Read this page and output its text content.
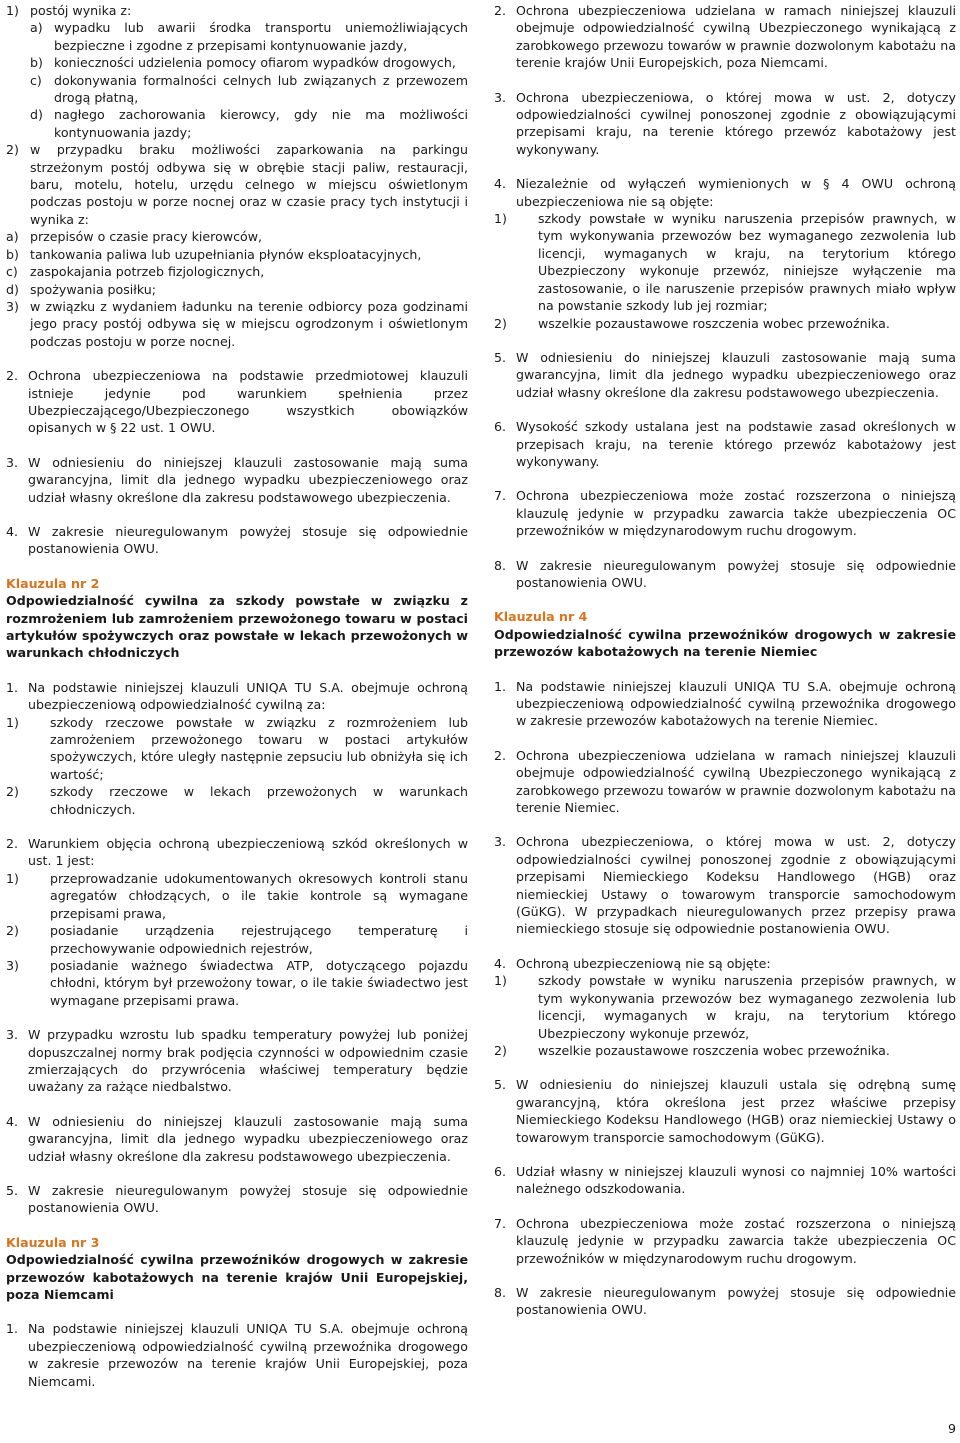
1) postój wynika z:
a) wypadku lub awarii środka transportu uniemożliwiających bezpieczne i zgodne z przepisami kontynuowanie jazdy,
b) konieczności udzielenia pomocy ofiarom wypadków drogowych,
c) dokonywania formalności celnych lub związanych z przewozem drogą płatną,
d) nagłego zachorowania kierowcy, gdy nie ma możliwości kontynuowania jazdy;
2) w przypadku braku możliwości zaparkowania na parkingu strzeżonym postój odbywa się w obrębie stacji paliw, restauracji, baru, motelu, hotelu, urzędu celnego w miejscu oświetlonym podczas postoju w porze nocnej oraz w czasie pracy tych instytucji i wynika z:
a) przepisów o czasie pracy kierowców,
b) tankowania paliwa lub uzupełniania płynów eksploatacyjnych,
c) zaspokajania potrzeb fizjologicznych,
d) spożywania posiłku;
3) w związku z wydaniem ładunku na terenie odbiorcy poza godzinami jego pracy postój odbywa się w miejscu ogrodzonym i oświetlonym podczas postoju w porze nocnej.
2. Ochrona ubezpieczeniowa na podstawie przedmiotowej klauzuli istnieje jedynie pod warunkiem spełnienia przez Ubezpieczającego/Ubezpieczonego wszystkich obowiązków opisanych w § 22 ust. 1 OWU.
3. W odniesieniu do niniejszej klauzuli zastosowanie mają suma gwarancyjna, limit dla jednego wypadku ubezpieczeniowego oraz udział własny określone dla zakresu podstawowego ubezpieczenia.
4. W zakresie nieuregulowanym powyżej stosuje się odpowiednie postanowienia OWU.
Klauzula nr 2
Odpowiedzialność cywilna za szkody powstałe w związku z rozmrożeniem lub zamrożeniem przewożonego towaru w postaci artykułów spożywczych oraz powstałe w lekach przewożonych w warunkach chłodniczych
1. Na podstawie niniejszej klauzuli UNIQA TU S.A. obejmuje ochroną ubezpieczeniową odpowiedzialność cywilną za:
1)	szkody rzeczowe powstałe w związku z rozmrożeniem lub zamrożeniem przewożonego towaru w postaci artykułów spożywczych, które uległy następnie zepsuciu lub obniżyła się ich wartość;
2)	szkody rzeczowe w lekach przewożonych w warunkach chłodniczych.
2. Warunkiem objęcia ochroną ubezpieczeniową szkód określonych w ust. 1 jest:
1)	przeprowadzanie udokumentowanych okresowych kontroli stanu agregatów chłodzących, o ile takie kontrole są wymagane przepisami prawa,
2)	posiadanie urządzenia rejestrującego temperaturę i przechowywanie odpowiednich rejestrów,
3)	posiadanie ważnego świadectwa ATP, dotyczącego pojazdu chłodni, którym był przewożony towar, o ile takie świadectwo jest wymagane przepisami prawa.
3. W przypadku wzrostu lub spadku temperatury powyżej lub poniżej dopuszczalnej normy brak podjęcia czynności w odpowiednim czasie zmierzających do przywrócenia właściwej temperatury będzie uważany za rażące niedbalstwo.
4. W odniesieniu do niniejszej klauzuli zastosowanie mają suma gwarancyjna, limit dla jednego wypadku ubezpieczeniowego oraz udział własny określone dla zakresu podstawowego ubezpieczenia.
5. W zakresie nieuregulowanym powyżej stosuje się odpowiednie postanowienia OWU.
Klauzula nr 3
Odpowiedzialność cywilna przewoźników drogowych w zakresie przewozów kabotażowych na terenie krajów Unii Europejskiej, poza Niemcami
1. Na podstawie niniejszej klauzuli UNIQA TU S.A. obejmuje ochroną ubezpieczeniową odpowiedzialność cywilną przewoźnika drogowego w zakresie przewozów na terenie krajów Unii Europejskiej, poza Niemcami.
2. Ochrona ubezpieczeniowa udzielana w ramach niniejszej klauzuli obejmuje odpowiedzialność cywilną Ubezpieczonego wynikającą z zarobkowego przewozu towarów w prawnie dozwolonym kabotażu na terenie krajów Unii Europejskich, poza Niemcami.
3. Ochrona ubezpieczeniowa, o której mowa w ust. 2, dotyczy odpowiedzialności cywilnej ponoszonej zgodnie z obowiązującymi przepisami kraju, na terenie którego przewóz kabotażowy jest wykonywany.
4. Niezależnie od wyłączeń wymienionych w § 4 OWU ochroną ubezpieczeniowa nie są objęte:
1)	szkody powstałe w wyniku naruszenia przepisów prawnych, w tym wykonywania przewozów bez wymaganego zezwolenia lub licencji, wymaganych w kraju, na terytorium którego Ubezpieczony wykonuje przewóz, niniejsze wyłączenie ma zastosowanie, o ile naruszenie przepisów prawnych miało wpływ na powstanie szkody lub jej rozmiar;
2)	wszelkie pozaustawowe roszczenia wobec przewoźnika.
5. W odniesieniu do niniejszej klauzuli zastosowanie mają suma gwarancyjna, limit dla jednego wypadku ubezpieczeniowego oraz udział własny określone dla zakresu podstawowego ubezpieczenia.
6. Wysokość szkody ustalana jest na podstawie zasad określonych w przepisach kraju, na terenie którego przewóz kabotażowy jest wykonywany.
7. Ochrona ubezpieczeniowa może zostać rozszerzona o niniejszą klauzulę jedynie w przypadku zawarcia także ubezpieczenia OC przewoźników w międzynarodowym ruchu drogowym.
8. W zakresie nieuregulowanym powyżej stosuje się odpowiednie postanowienia OWU.
Klauzula nr 4
Odpowiedzialność cywilna przewoźników drogowych w zakresie przewozów kabotażowych na terenie Niemiec
1. Na podstawie niniejszej klauzuli UNIQA TU S.A. obejmuje ochroną ubezpieczeniową odpowiedzialność cywilną przewoźnika drogowego w zakresie przewozów kabotażowych na terenie Niemiec.
2. Ochrona ubezpieczeniowa udzielana w ramach niniejszej klauzuli obejmuje odpowiedzialność cywilną Ubezpieczonego wynikającą z zarobkowego przewozu towarów w prawnie dozwolonym kabotażu na terenie Niemiec.
3. Ochrona ubezpieczeniowa, o której mowa w ust. 2, dotyczy odpowiedzialności cywilnej ponoszonej zgodnie z obowiązującymi przepisami Niemieckiego Kodeksu Handlowego (HGB) oraz niemieckiej Ustawy o towarowym transporcie samochodowym (GüKG). W przypadkach nieuregulowanych przez przepisy prawa niemieckiego stosuje się odpowiednie postanowienia OWU.
4. Ochroną ubezpieczeniową nie są objęte:
1)	szkody powstałe w wyniku naruszenia przepisów prawnych, w tym wykonywania przewozów bez wymaganego zezwolenia lub licencji, wymaganych w kraju, na terytorium którego Ubezpieczony wykonuje przewóz,
2)	wszelkie pozaustawowe roszczenia wobec przewoźnika.
5. W odniesieniu do niniejszej klauzuli ustala się odrębną sumę gwarancyjną, która określona jest przez właściwe przepisy Niemieckiego Kodeksu Handlowego (HGB) oraz niemieckiej Ustawy o towarowym transporcie samochodowym (GüKG).
6. Udział własny w niniejszej klauzuli wynosi co najmniej 10% wartości należnego odszkodowania.
7. Ochrona ubezpieczeniowa może zostać rozszerzona o niniejszą klauzulę jedynie w przypadku zawarcia także ubezpieczenia OC przewoźników w międzynarodowym ruchu drogowym.
8. W zakresie nieuregulowanym powyżej stosuje się odpowiednie postanowienia OWU.
9
